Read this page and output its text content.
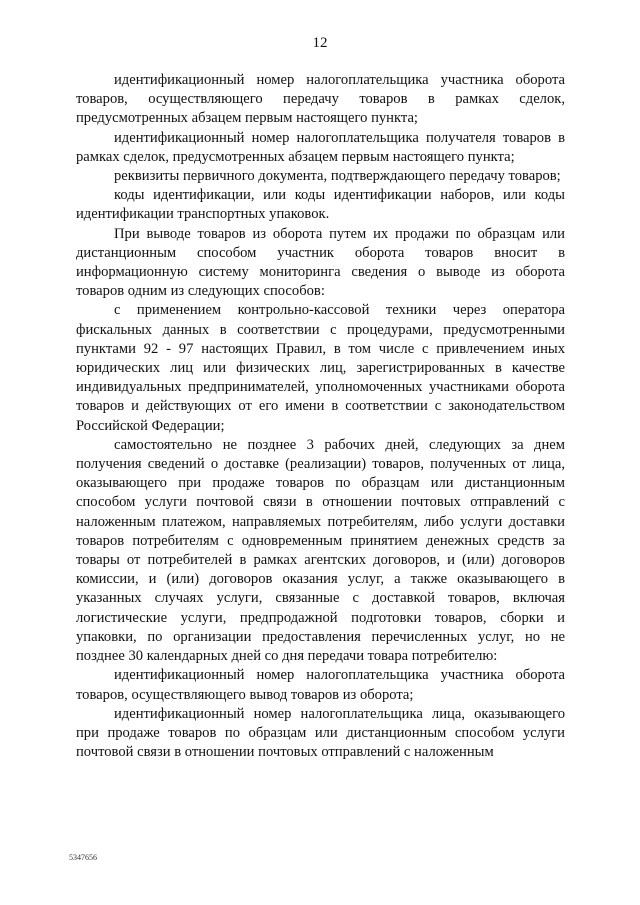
12

идентификационный номер налогоплательщика участника оборота товаров, осуществляющего передачу товаров в рамках сделок, предусмотренных абзацем первым настоящего пункта;

идентификационный номер налогоплательщика получателя товаров в рамках сделок, предусмотренных абзацем первым настоящего пункта;

реквизиты первичного документа, подтверждающего передачу товаров;

коды идентификации, или коды идентификации наборов, или коды идентификации транспортных упаковок.

При выводе товаров из оборота путем их продажи по образцам или дистанционным способом участник оборота товаров вносит в информационную систему мониторинга сведения о выводе из оборота товаров одним из следующих способов:

с применением контрольно-кассовой техники через оператора фискальных данных в соответствии с процедурами, предусмотренными пунктами 92 - 97 настоящих Правил, в том числе с привлечением иных юридических лиц или физических лиц, зарегистрированных в качестве индивидуальных предпринимателей, уполномоченных участниками оборота товаров и действующих от его имени в соответствии с законодательством Российской Федерации;

самостоятельно не позднее 3 рабочих дней, следующих за днем получения сведений о доставке (реализации) товаров, полученных от лица, оказывающего при продаже товаров по образцам или дистанционным способом услуги почтовой связи в отношении почтовых отправлений с наложенным платежом, направляемых потребителям, либо услуги доставки товаров потребителям с одновременным принятием денежных средств за товары от потребителей в рамках агентских договоров, и (или) договоров комиссии, и (или) договоров оказания услуг, а также оказывающего в указанных случаях услуги, связанные с доставкой товаров, включая логистические услуги, предпродажной подготовки товаров, сборки и упаковки, по организации предоставления перечисленных услуг, но не позднее 30 календарных дней со дня передачи товара потребителю:

идентификационный номер налогоплательщика участника оборота товаров, осуществляющего вывод товаров из оборота;

идентификационный номер налогоплательщика лица, оказывающего при продаже товаров по образцам или дистанционным способом услуги почтовой связи в отношении почтовых отправлений с наложенным

5347656
